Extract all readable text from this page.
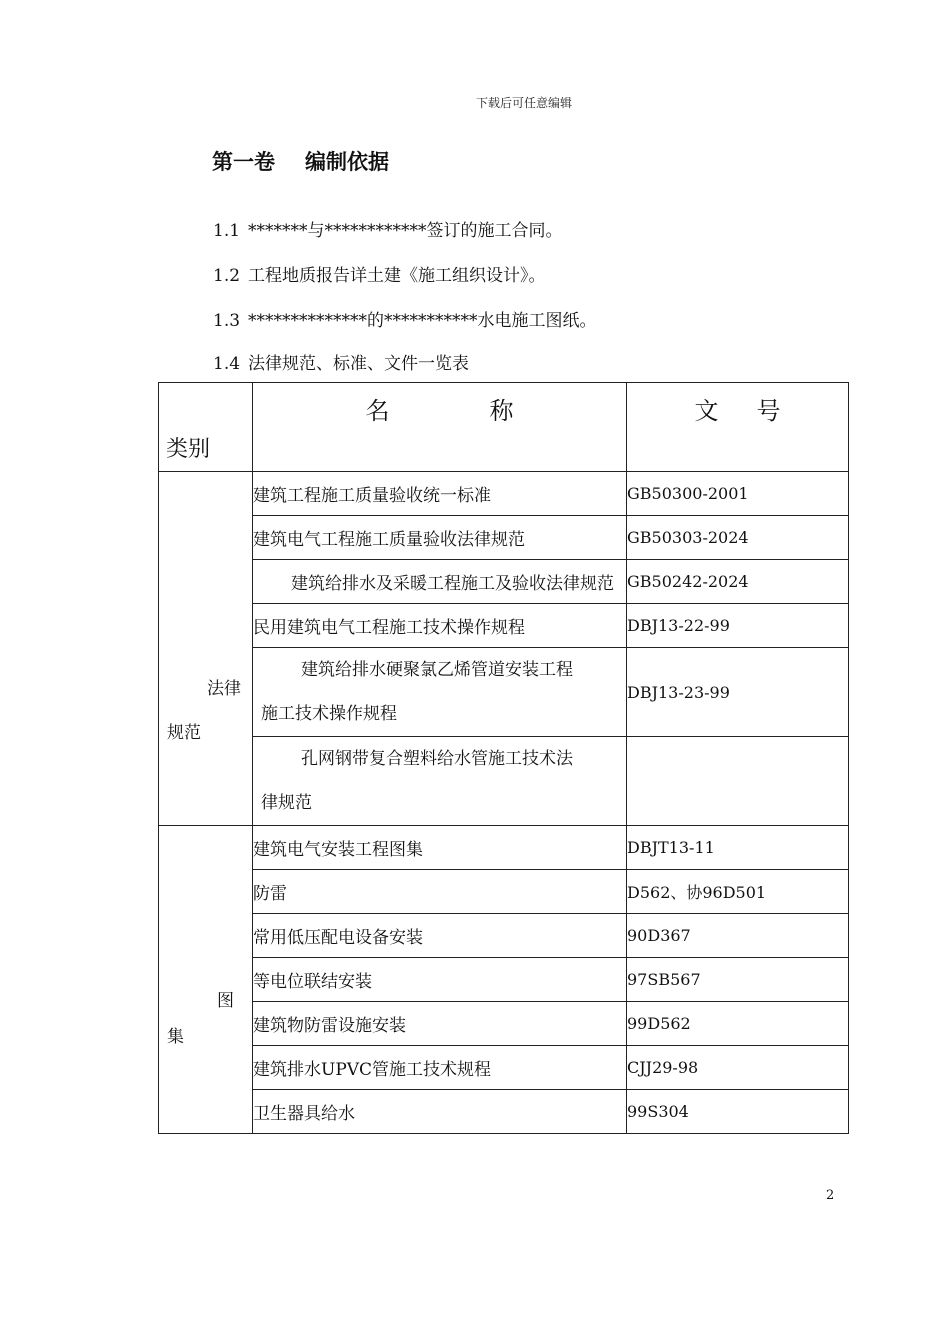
下载后可任意编辑
第一卷 编制依据
1.1 *******与************签订的施工合同。
1.2 工程地质报告详土建《施工组织设计》。
1.3 **************的***********水电施工图纸。
1.4 法律规范、标准、文件一览表
类别	名 称	文 号

法律
规范	建筑工程施工质量验收统一标准	GB50300-2001
	建筑电气工程施工质量验收法律规范	GB50303-2024
	建筑给排水及采暖工程施工及验收法律规范	GB50242-2024
	民用建筑电气工程施工技术操作规程	DBJ13-22-99
	建筑给排水硬聚氯乙烯管道安装工程
施工技术操作规程	DBJ13-23-99
	孔网钢带复合塑料给水管施工技术法
律规范	

图
集	建筑电气安装工程图集	DBJT13-11
	防雷	D562、协96D501
	常用低压配电设备安装	90D367
	等电位联结安装	97SB567
	建筑物防雷设施安装	99D562
	建筑排水UPVC管施工技术规程	CJJ29-98
	卫生器具给水	99S304
2
